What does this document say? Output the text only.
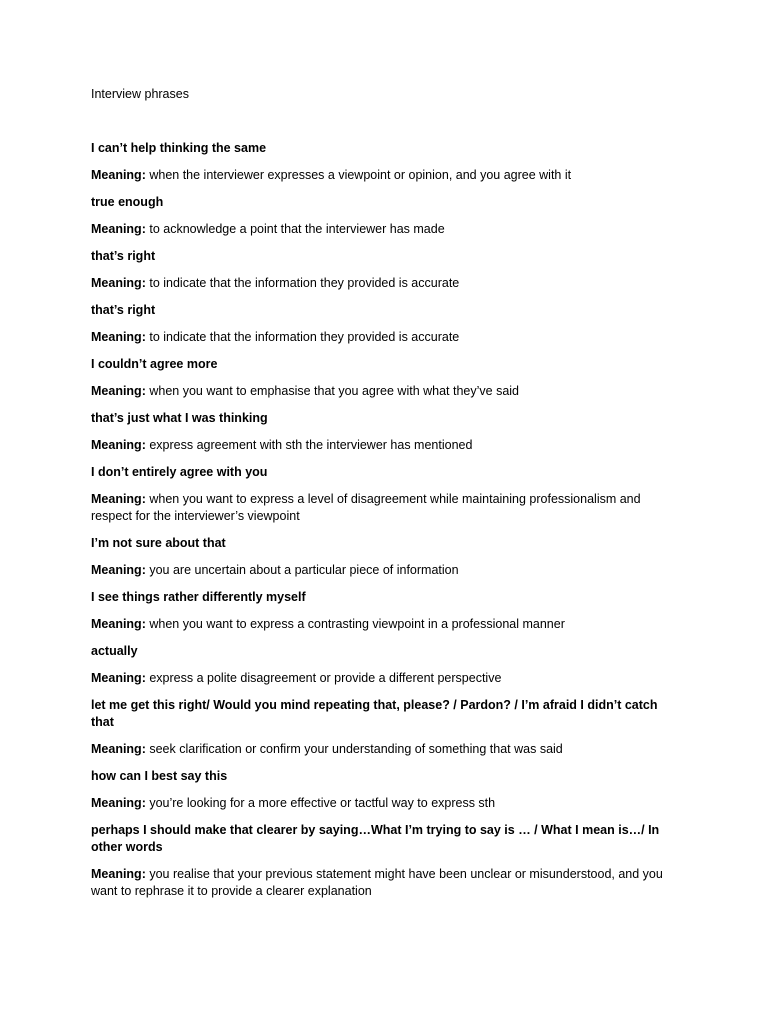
Interview phrases
I can’t help thinking the same
Meaning: when the interviewer expresses a viewpoint or opinion, and you agree with it
true enough
Meaning: to acknowledge a point that the interviewer has made
that’s right
Meaning: to indicate that the information they provided is accurate
that’s right
Meaning: to indicate that the information they provided is accurate
I couldn’t agree more
Meaning: when you want to emphasise that you agree with what they’ve said
that’s just what I was thinking
Meaning: express agreement with sth the interviewer has mentioned
I don’t entirely agree with you
Meaning: when you want to express a level of disagreement while maintaining professionalism and respect for the interviewer’s viewpoint
I’m not sure about that
Meaning: you are uncertain about a particular piece of information
I see things rather differently myself
Meaning: when you want to express a contrasting viewpoint in a professional manner
actually
Meaning: express a polite disagreement or provide a different perspective
let me get this right/ Would you mind repeating that, please? / Pardon? / I’m afraid I didn’t catch that
Meaning: seek clarification or confirm your understanding of something that was said
how can I best say this
Meaning: you’re looking for a more effective or tactful way to express sth
perhaps I should make that clearer by saying…What I’m trying to say is … / What I mean is…/ In other words
Meaning: you realise that your previous statement might have been unclear or misunderstood, and you want to rephrase it to provide a clearer explanation
